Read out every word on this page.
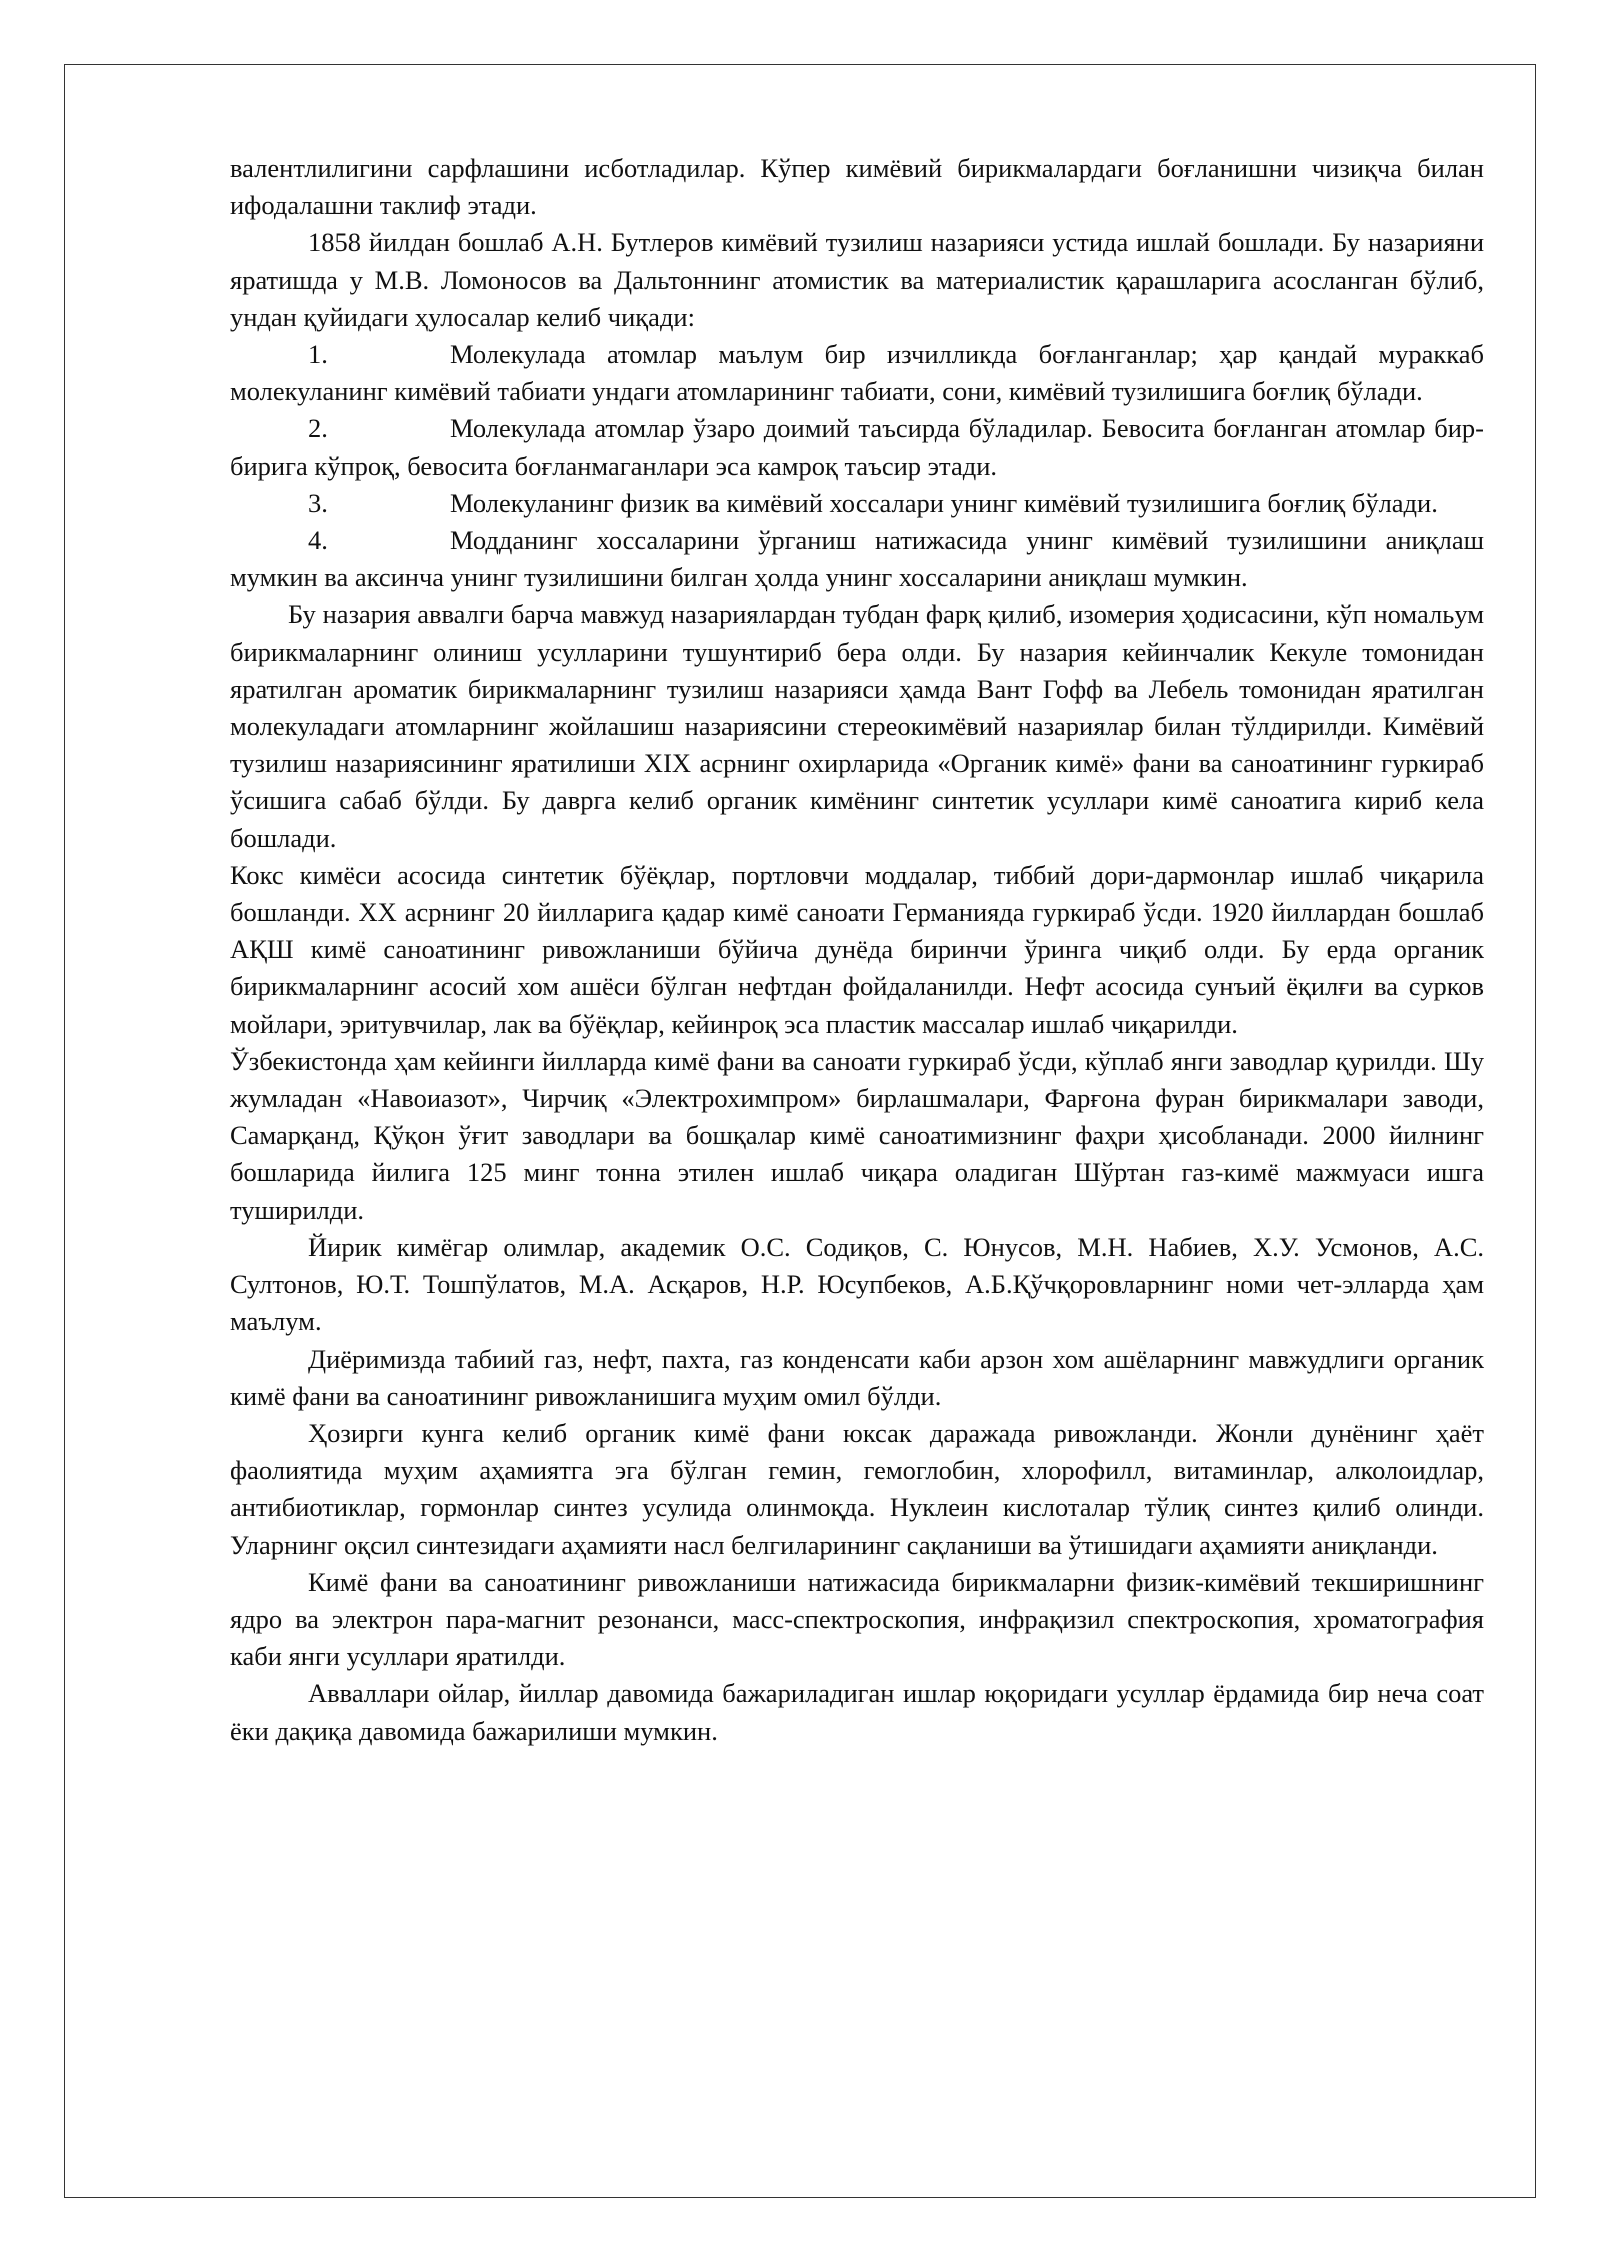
валентлилигини сарфлашини исботладилар. Кўпер кимёвий бирикмалардаги боғланишни чизиқча билан ифодалашни таклиф этади.

1858 йилдан бошлаб А.Н. Бутлеров кимёвий тузилиш назарияси устида ишлай бошлади. Бу назарияни яратишда у М.В. Ломоносов ва Дальтоннинг атомистик ва материалистик қарашларига асосланган бўлиб, ундан қуйидаги ҳулосалар келиб чиқади:

1.	Молекулада атомлар маълум бир изчилликда боғланганлар; ҳар қандай мураккаб молекуланинг кимёвий табиати ундаги атомларининг табиати, сони, кимёвий тузилишига боғлиқ бўлади.

2.	Молекулада атомлар ўзаро доимий таъсирда бўладилар. Бевосита боғланган атомлар бир-бирига кўпроқ, бевосита боғланмаганлари эса камроқ таъсир этади.

3.	Молекуланинг физик ва кимёвий хоссалари унинг кимёвий тузилишига боғлиқ бўлади.

4.	Модданинг хоссаларини ўрганиш натижасида унинг кимёвий тузилишини аниқлаш мумкин ва аксинча унинг тузилишини билган ҳолда унинг хоссаларини аниқлаш мумкин.

Бу назария аввалги барча мавжуд назариялардан тубдан фарқ қилиб, изомерия ҳодисасини, кўп номальум бирикмаларнинг олиниш усулларини тушунтириб бера олди. Бу назария кейинчалик Кекуле томонидан яратилган ароматик бирикмаларнинг тузилиш назарияси ҳамда Вант Гофф ва Лебель томонидан яратилган молекуладаги атомларнинг жойлашиш назариясини стереокимёвий назариялар билан тўлдирилди. Кимёвий тузилиш назариясининг яратилиши XIX асрнинг охирларида «Органик кимё» фани ва саноатининг гуркираб ўсишига сабаб бўлди. Бу даврга келиб органик кимёнинг синтетик усуллари кимё саноатига кириб кела бошлади.

Кокс кимёси асосида синтетик бўёқлар, портловчи моддалар, тиббий дори-дармонлар ишлаб чиқарила бошланди. XX асрнинг 20 йилларига қадар кимё саноати Германияда гуркираб ўсди. 1920 йиллардан бошлаб АҚШ кимё саноатининг ривожланиши бўйича дунёда биринчи ўринга чиқиб олди. Бу ерда органик бирикмаларнинг асосий хом ашёси бўлган нефтдан фойдаланилди. Нефт асосида сунъий ёқилғи ва сурков мойлари, эритувчилар, лак ва бўёқлар, кейинроқ эса пластик массалар ишлаб чиқарилди.

Ўзбекистонда ҳам кейинги йилларда кимё фани ва саноати гуркираб ўсди, кўплаб янги заводлар қурилди. Шу жумладан «Навоиазот», Чирчиқ «Электрохимпром» бирлашмалари, Фарғона фуран бирикмалари заводи, Самарқанд, Қўқон ўғит заводлари ва бошқалар кимё саноатимизнинг фаҳри ҳисобланади. 2000 йилнинг бошларида йилига 125 минг тонна этилен ишлаб чиқара оладиган Шўртан газ-кимё мажмуаси ишга туширилди.

Йирик кимёгар олимлар, академик О.С. Содиқов, С. Юнусов, М.Н. Набиев, Х.У. Усмонов, А.С. Султонов, Ю.Т. Тошпўлатов, М.А. Асқаров, Н.Р. Юсупбеков, А.Б.Қўчқоровларнинг номи чет-элларда ҳам маълум.

Диёримизда табиий газ, нефт, пахта, газ конденсати каби арзон хом ашёларнинг мавжудлиги органик кимё фани ва саноатининг ривожланишига муҳим омил бўлди.

Ҳозирги кунга келиб органик кимё фани юксак даражада ривожланди. Жонли дунёнинг ҳаёт фаолиятида муҳим аҳамиятга эга бўлган гемин, гемоглобин, хлорофилл, витаминлар, алколоидлар, антибиотиклар, гормонлар синтез усулида олинмоқда. Нуклеин кислоталар тўлиқ синтез қилиб олинди. Уларнинг оқсил синтезидаги аҳамияти насл белгиларининг сақланиши ва ўтишидаги аҳамияти аниқланди.

Кимё фани ва саноатининг ривожланиши натижасида бирикмаларни физик-кимёвий текширишнинг ядро ва электрон пара-магнит резонанси, масс-спектроскопия, инфрақизил спектроскопия, хроматография каби янги усуллари яратилди.

Авваллари ойлар, йиллар давомида бажариладиган ишлар юқоридаги усуллар ёрдамида бир неча соат ёки дақиқа давомида бажарилиши мумкин.
